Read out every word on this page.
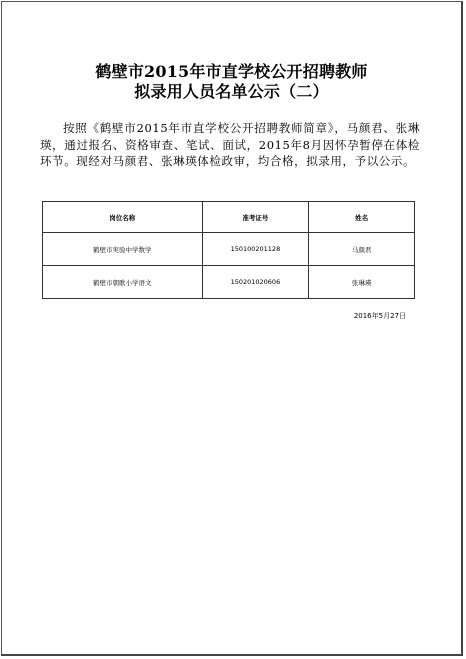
鹤壁市2015年市直学校公开招聘教师
拟录用人员名单公示（二）

按照《鹤壁市2015年市直学校公开招聘教师简章》，马颜君、张琳瑛，通过报名、资格审查、笔试、面试，2015年8月因怀孕暂停在体检环节。现经对马颜君、张琳瑛体检政审，均合格，拟录用，予以公示。

岗位名称	准考证号	姓名
鹤壁市実验中学数学	150100201128	马颜君
鹤壁市朝歌小学语文	150201020606	张琳瑛
2016年5月27日
